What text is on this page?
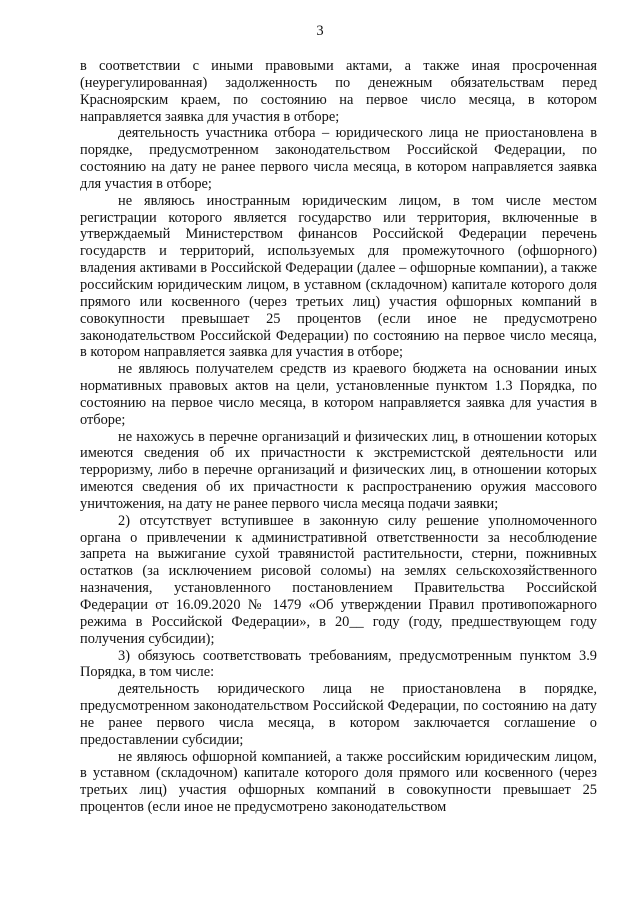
3

в соответствии с иными правовыми актами, а также иная просроченная (неурегулированная) задолженность по денежным обязательствам перед Красноярским краем, по состоянию на первое число месяца, в котором направляется заявка для участия в отборе;

деятельность участника отбора – юридического лица не приостановлена в порядке, предусмотренном законодательством Российской Федерации, по состоянию на дату не ранее первого числа месяца, в котором направляется заявка для участия в отборе;

не являюсь иностранным юридическим лицом, в том числе местом регистрации которого является государство или территория, включенные в утверждаемый Министерством финансов Российской Федерации перечень государств и территорий, используемых для промежуточного (офшорного) владения активами в Российской Федерации (далее – офшорные компании), а также российским юридическим лицом, в уставном (складочном) капитале которого доля прямого или косвенного (через третьих лиц) участия офшорных компаний в совокупности превышает 25 процентов (если иное не предусмотрено законодательством Российской Федерации) по состоянию на первое число месяца, в котором направляется заявка для участия в отборе;

не являюсь получателем средств из краевого бюджета на основании иных нормативных правовых актов на цели, установленные пунктом 1.3 Порядка, по состоянию на первое число месяца, в котором направляется заявка для участия в отборе;

не нахожусь в перечне организаций и физических лиц, в отношении которых имеются сведения об их причастности к экстремистской деятельности или терроризму, либо в перечне организаций и физических лиц, в отношении которых имеются сведения об их причастности к распространению оружия массового уничтожения, на дату не ранее первого числа месяца подачи заявки;

2) отсутствует вступившее в законную силу решение уполномоченного органа о привлечении к административной ответственности за несоблюдение запрета на выжигание сухой травянистой растительности, стерни, пожнивных остатков (за исключением рисовой соломы) на землях сельскохозяйственного назначения, установленного постановлением Правительства Российской Федерации от 16.09.2020 № 1479 «Об утверждении Правил противопожарного режима в Российской Федерации», в 20__ году (году, предшествующем году получения субсидии);

3) обязуюсь соответствовать требованиям, предусмотренным пунктом 3.9 Порядка, в том числе:

деятельность юридического лица не приостановлена в порядке, предусмотренном законодательством Российской Федерации, по состоянию на дату не ранее первого числа месяца, в котором заключается соглашение о предоставлении субсидии;

не являюсь офшорной компанией, а также российским юридическим лицом, в уставном (складочном) капитале которого доля прямого или косвенного (через третьих лиц) участия офшорных компаний в совокупности превышает 25 процентов (если иное не предусмотрено законодательством
